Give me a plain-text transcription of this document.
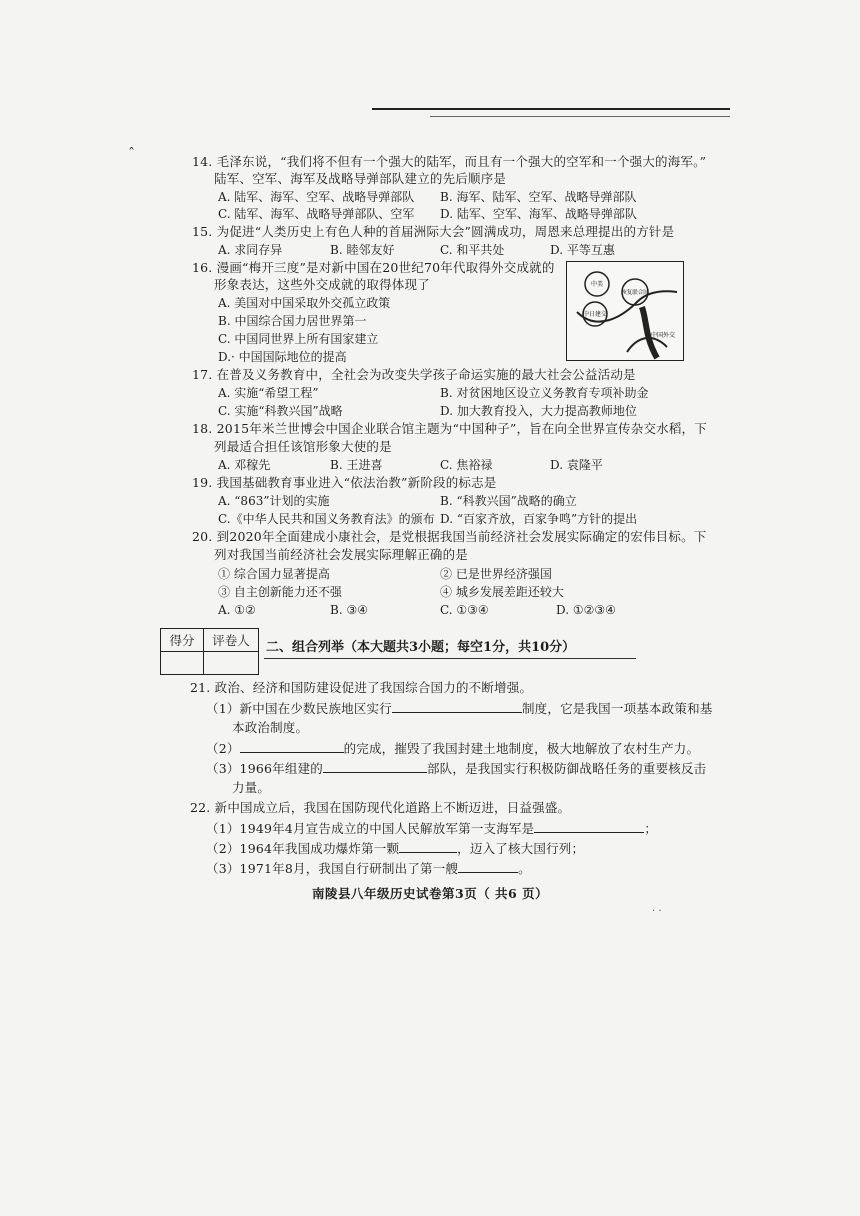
ˆ	14. 毛泽东说，“我们将不但有一个强大的陆军，而且有一个强大的空军和一个强大的海军。”
陆军、空军、海军及战略导弹部队建立的先后顺序是
A. 陆军、海军、空军、战略导弹部队 B. 海军、陆军、空军、战略导弹部队
C. 陆军、海军、战略导弹部队、空军 D. 陆军、空军、海军、战略导弹部队
15. 为促进“人类历史上有色人种的首届洲际大会”圆满成功，周恩来总理提出的方针是
A. 求同存异	B. 睦邻友好	C. 和平共处	D. 平等互惠
16. 漫画“梅开三度”是对新中国在20世纪70年代取得外交成就的
形象表达，这些外交成就的取得体现了
A. 美国对中国采取外交孤立政策
B. 中国综合国力居世界第一
C. 中国同世界上所有国家建立
D.· 中国国际地位的提高
中美
中日建交
恢复联合国
中国外交
17. 在普及义务教育中，全社会为改变失学孩子命运实施的最大社会公益活动是
A. 实施“希望工程”	B. 对贫困地区设立义务教育专项补助金
C. 实施“科教兴国”战略	D. 加大教育投入，大力提高教师地位
18. 2015年米兰世博会中国企业联合馆主题为“中国种子”，旨在向全世界宣传杂交水稻，下
列最适合担任该馆形象大使的是
A. 邓稼先	B. 王进喜	C. 焦裕禄	D. 袁隆平
19. 我国基础教育事业进入“依法治教”新阶段的标志是
A. “863”计划的实施	B. “科教兴国”战略的确立
C.《中华人民共和国义务教育法》的颁布 D. “百家齐放，百家争鸣”方针的提出
20. 到2020年全面建成小康社会，是党根据我国当前经济社会发展实际确定的宏伟目标。下
列对我国当前经济社会发展实际理解正确的是
① 综合国力显著提高	② 已是世界经济强国
③ 自主创新能力还不强	④ 城乡发展差距还较大
A. ①②	B. ③④	C. ①③④	D. ①②③④
得分	评卷人
	二、组合列举（本大题共3小题；每空1分，共10分）
21. 政治、经济和国防建设促进了我国综合国力的不断增强。
（1）新中国在少数民族地区实行	制度，它是我国一项基本政策和基
本政治制度。
（2）	的完成，摧毁了我国封建土地制度，极大地解放了农村生产力。
（3）1966年组建的	部队，是我国实行积极防御战略任务的重要核反击
力量。
22. 新中国成立后，我国在国防现代化道路上不断迈进，日益强盛。
（1）1949年4月宣告成立的中国人民解放军第一支海军是	；
（2）1964年我国成功爆炸第一颗	，迈入了核大国行列；
（3）1971年8月，我国自行研制出了第一艘	。
南陵县八年级历史试卷第3页（ 共6 页）
· ·
